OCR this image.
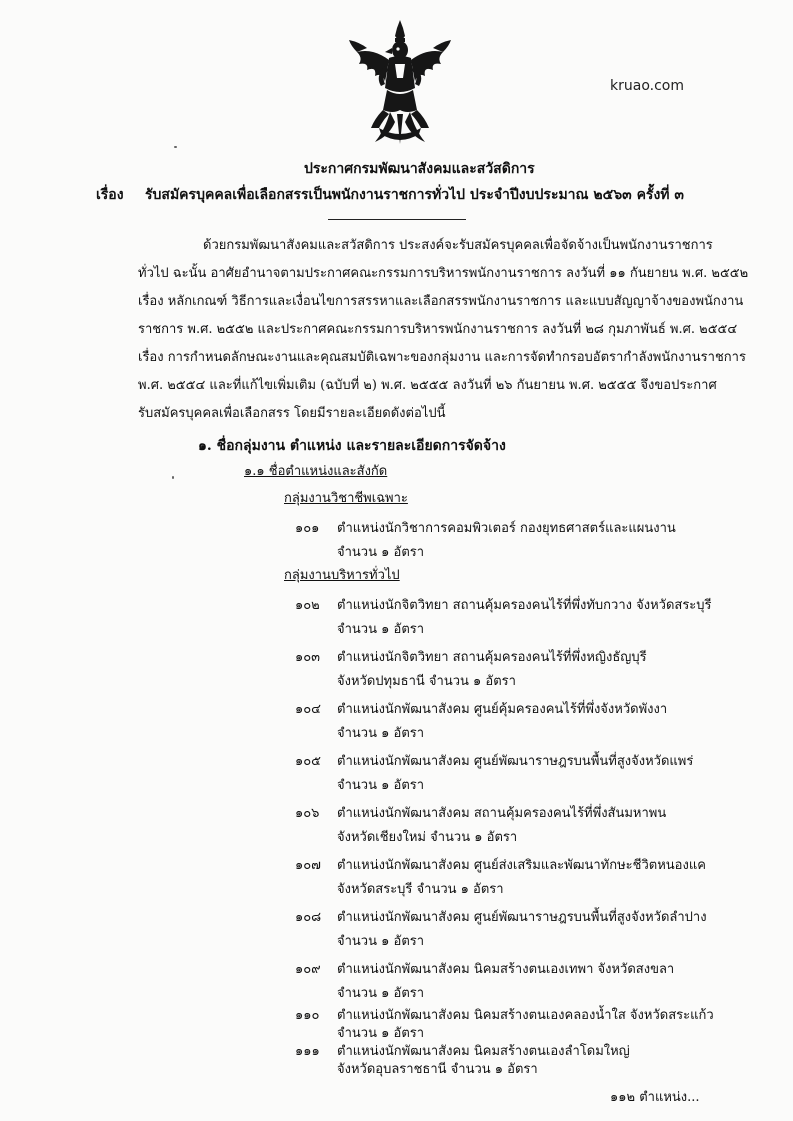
kruao.com
ประกาศกรมพัฒนาสังคมและสวัสดิการ
เรื่อง รับสมัครบุคคลเพื่อเลือกสรรเป็นพนักงานราชการทั่วไป ประจำปีงบประมาณ ๒๕๖๓ ครั้งที่ ๓
ด้วยกรมพัฒนาสังคมและสวัสดิการ ประสงค์จะรับสมัครบุคคลเพื่อจัดจ้างเป็นพนักงานราชการ
ทั่วไป ฉะนั้น อาศัยอำนาจตามประกาศคณะกรรมการบริหารพนักงานราชการ ลงวันที่ ๑๑ กันยายน พ.ศ. ๒๕๕๒
เรื่อง หลักเกณฑ์ วิธีการและเงื่อนไขการสรรหาและเลือกสรรพนักงานราชการ และแบบสัญญาจ้างของพนักงาน
ราชการ พ.ศ. ๒๕๕๒ และประกาศคณะกรรมการบริหารพนักงานราชการ ลงวันที่ ๒๘ กุมภาพันธ์ พ.ศ. ๒๕๕๔
เรื่อง การกำหนดลักษณะงานและคุณสมบัติเฉพาะของกลุ่มงาน และการจัดทำกรอบอัตรากำลังพนักงานราชการ
พ.ศ. ๒๕๕๔ และที่แก้ไขเพิ่มเติม (ฉบับที่ ๒) พ.ศ. ๒๕๕๕ ลงวันที่ ๒๖ กันยายน พ.ศ. ๒๕๕๕ จึงขอประกาศ
รับสมัครบุคคลเพื่อเลือกสรร โดยมีรายละเอียดดังต่อไปนี้
๑. ชื่อกลุ่มงาน ตำแหน่ง และรายละเอียดการจัดจ้าง
๑.๑ ชื่อตำแหน่งและสังกัด
กลุ่มงานวิชาชีพเฉพาะ
๑๐๑ ตำแหน่งนักวิชาการคอมพิวเตอร์ กองยุทธศาสตร์และแผนงาน
จำนวน ๑ อัตรา
กลุ่มงานบริหารทั่วไป
๑๐๒ ตำแหน่งนักจิตวิทยา สถานคุ้มครองคนไร้ที่พึ่งทับกวาง จังหวัดสระบุรี
จำนวน ๑ อัตรา
๑๐๓ ตำแหน่งนักจิตวิทยา สถานคุ้มครองคนไร้ที่พึ่งหญิงธัญบุรี
จังหวัดปทุมธานี จำนวน ๑ อัตรา
๑๐๔ ตำแหน่งนักพัฒนาสังคม ศูนย์คุ้มครองคนไร้ที่พึ่งจังหวัดพังงา
จำนวน ๑ อัตรา
๑๐๕ ตำแหน่งนักพัฒนาสังคม ศูนย์พัฒนาราษฎรบนพื้นที่สูงจังหวัดแพร่
จำนวน ๑ อัตรา
๑๐๖ ตำแหน่งนักพัฒนาสังคม สถานคุ้มครองคนไร้ที่พึ่งสันมหาพน
จังหวัดเชียงใหม่ จำนวน ๑ อัตรา
๑๐๗ ตำแหน่งนักพัฒนาสังคม ศูนย์ส่งเสริมและพัฒนาทักษะชีวิตหนองแค
จังหวัดสระบุรี จำนวน ๑ อัตรา
๑๐๘ ตำแหน่งนักพัฒนาสังคม ศูนย์พัฒนาราษฎรบนพื้นที่สูงจังหวัดลำปาง
จำนวน ๑ อัตรา
๑๐๙ ตำแหน่งนักพัฒนาสังคม นิคมสร้างตนเองเทพา จังหวัดสงขลา
จำนวน ๑ อัตรา
๑๑๐ ตำแหน่งนักพัฒนาสังคม นิคมสร้างตนเองคลองน้ำใส จังหวัดสระแก้ว
จำนวน ๑ อัตรา
๑๑๑ ตำแหน่งนักพัฒนาสังคม นิคมสร้างตนเองลำโดมใหญ่
จังหวัดอุบลราชธานี จำนวน ๑ อัตรา
๑๑๒ ตำแหน่ง...
